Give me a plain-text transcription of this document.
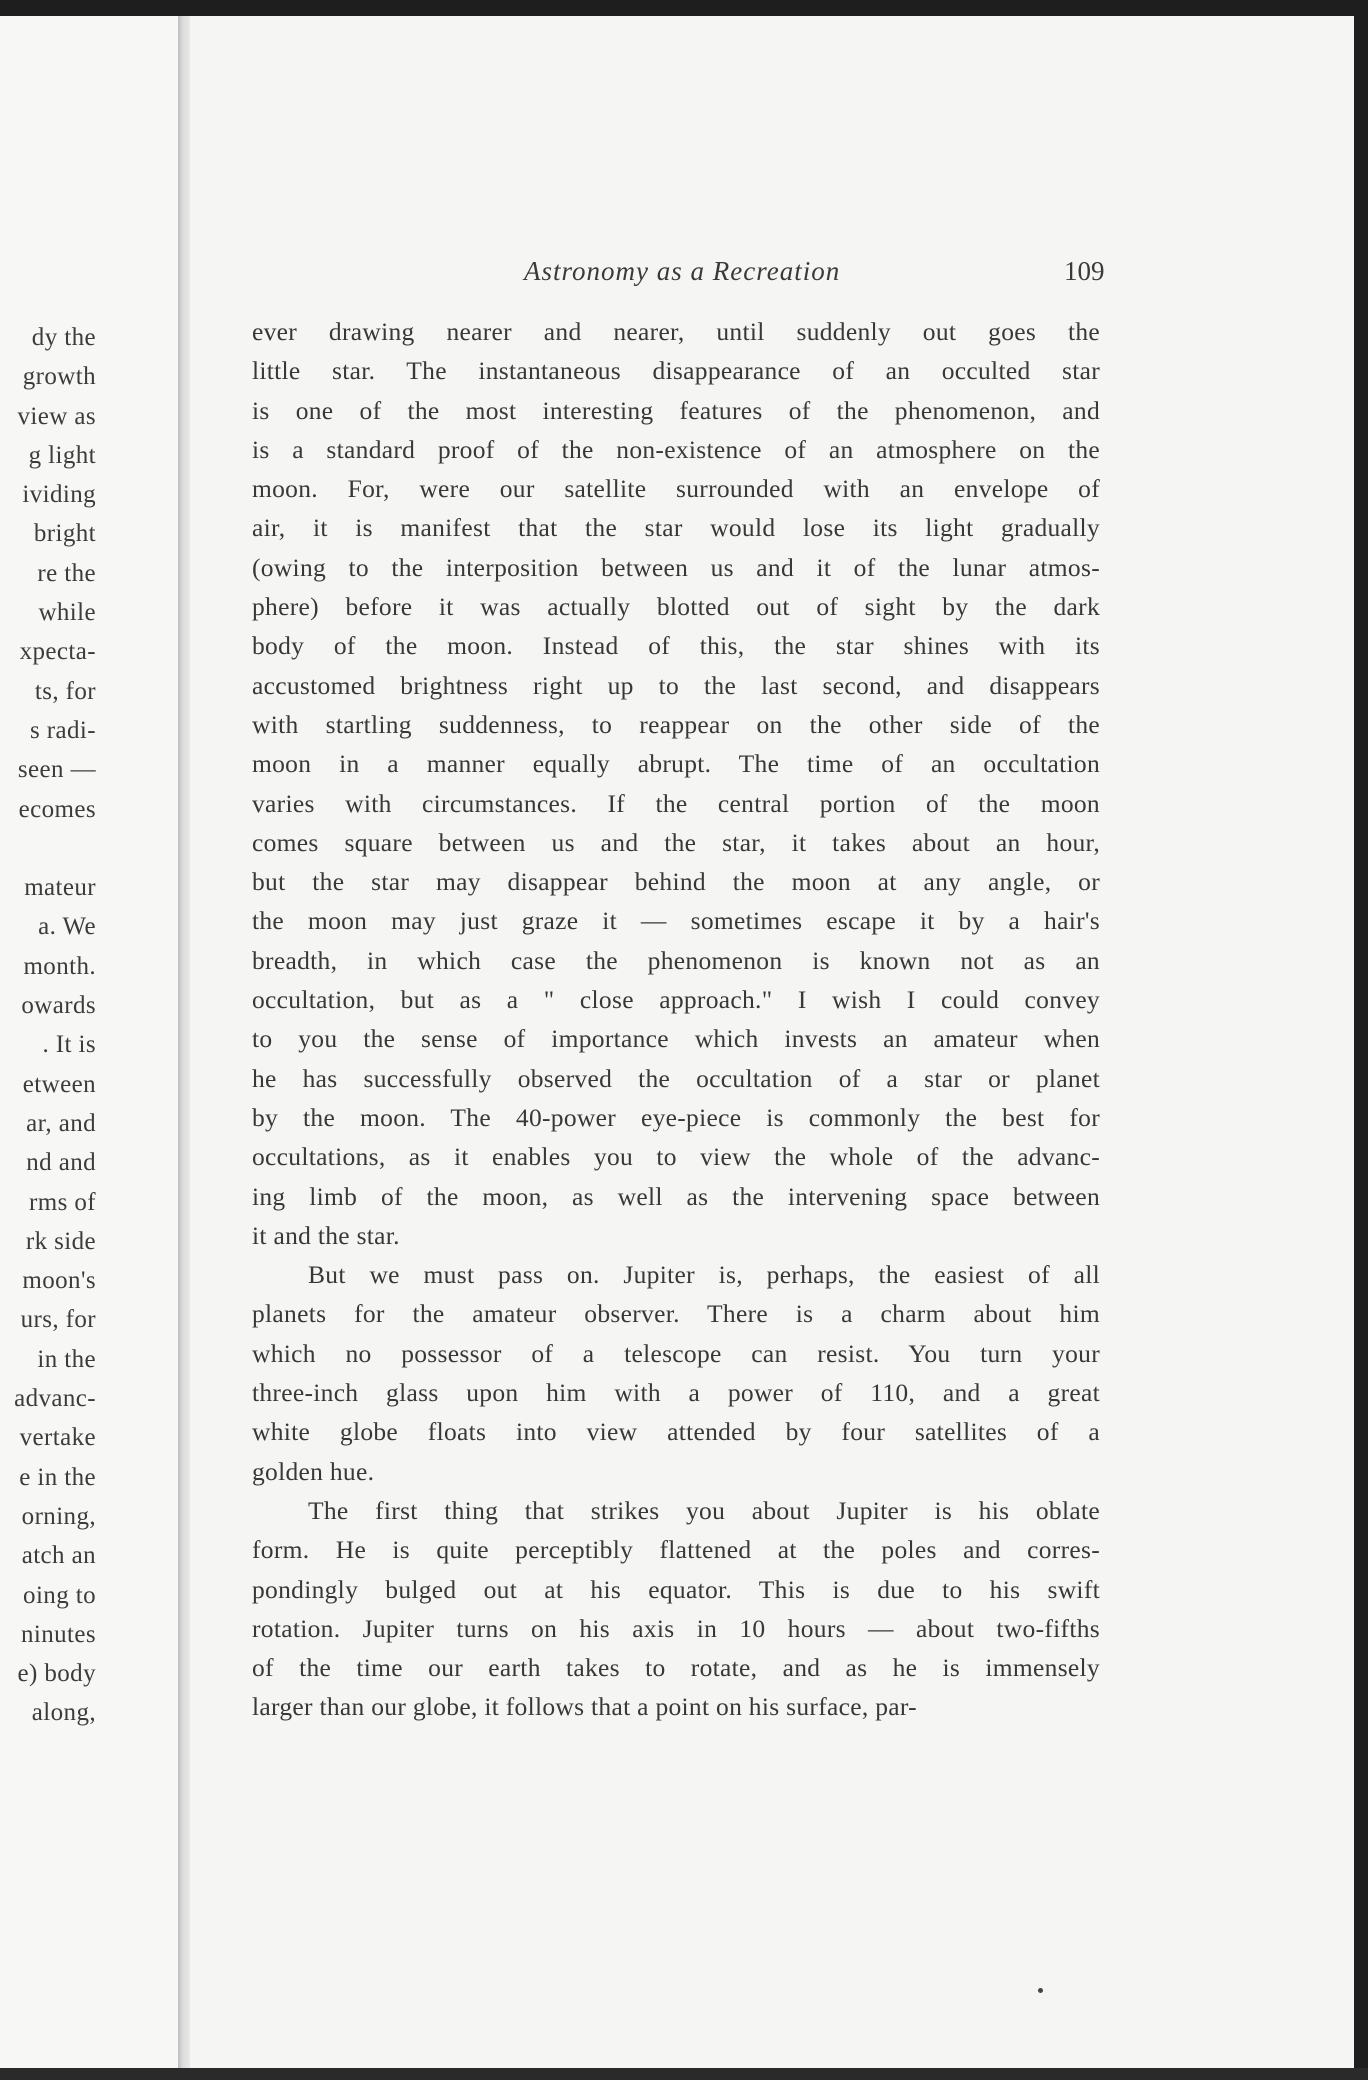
dy the
growth
view as
g light
ividing
bright
re the
while
xpecta-
ts, for
s radi-
seen —
ecomes

mateur
a. We
month.
owards
. It is
etween
ar, and
nd and
rms of
rk side
moon's
urs, for
in the
advanc-
vertake
e in the
orning,
atch an
oing to
ninutes
e) body
along,
Astronomy as a Recreation	109
ever drawing nearer and nearer, until suddenly out goes the
little star. The instantaneous disappearance of an occulted star
is one of the most interesting features of the phenomenon, and
is a standard proof of the non-existence of an atmosphere on the
moon. For, were our satellite surrounded with an envelope of
air, it is manifest that the star would lose its light gradually
(owing to the interposition between us and it of the lunar atmos-
phere) before it was actually blotted out of sight by the dark
body of the moon. Instead of this, the star shines with its
accustomed brightness right up to the last second, and disappears
with startling suddenness, to reappear on the other side of the
moon in a manner equally abrupt. The time of an occultation
varies with circumstances. If the central portion of the moon
comes square between us and the star, it takes about an hour,
but the star may disappear behind the moon at any angle, or
the moon may just graze it — sometimes escape it by a hair's
breadth, in which case the phenomenon is known not as an
occultation, but as a " close approach." I wish I could convey
to you the sense of importance which invests an amateur when
he has successfully observed the occultation of a star or planet
by the moon. The 40-power eye-piece is commonly the best for
occultations, as it enables you to view the whole of the advanc-
ing limb of the moon, as well as the intervening space between
it and the star.
But we must pass on. Jupiter is, perhaps, the easiest of all
planets for the amateur observer. There is a charm about him
which no possessor of a telescope can resist. You turn your
three-inch glass upon him with a power of 110, and a great
white globe floats into view attended by four satellites of a
golden hue.
The first thing that strikes you about Jupiter is his oblate
form. He is quite perceptibly flattened at the poles and corres-
pondingly bulged out at his equator. This is due to his swift
rotation. Jupiter turns on his axis in 10 hours — about two-fifths
of the time our earth takes to rotate, and as he is immensely
larger than our globe, it follows that a point on his surface, par-
